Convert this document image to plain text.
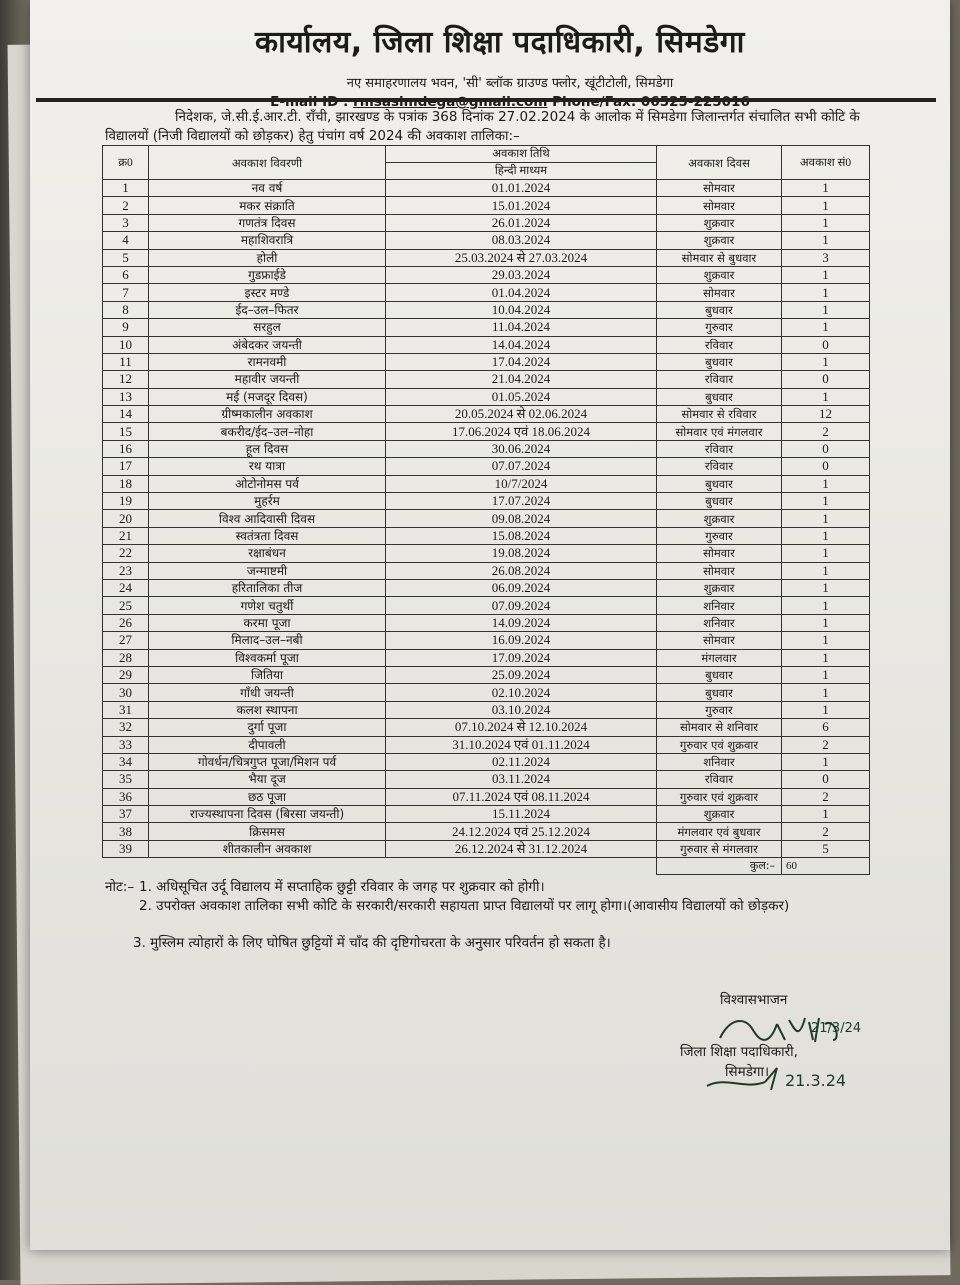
कार्यालय, जिला शिक्षा पदाधिकारी, सिमडेगा
नए समाहरणालय भवन, 'सी' ब्लॉक ग्राउण्ड फ्लोर, खूंटीटोली, सिमडेगा
E-mail ID : rmsasimdega@gmail.com Phone/Fax: 06525-225016
निदेशक, जे.सी.ई.आर.टी. राँची, झारखण्ड के पत्रांक 368 दिनांक 27.02.2024 के आलोक में सिमडेगा जिलान्तर्गत संचालित सभी कोटि के विद्यालयों (निजी विद्यालयों को छोड़कर) हेतु पंचांग वर्ष 2024 की अवकाश तालिका:–
क्र0	अवकाश विवरणी	अवकाश तिथि	अवकाश दिवस	अवकाश सं0
		हिन्दी माध्यम		
1	नव वर्ष	01.01.2024	सोमवार	1
2	मकर संक्राति	15.01.2024	सोमवार	1
3	गणतंत्र दिवस	26.01.2024	शुक्रवार	1
4	महाशिवरात्रि	08.03.2024	शुक्रवार	1
5	होली	25.03.2024 से 27.03.2024	सोमवार से बुधवार	3
6	गुडफ्राईडे	29.03.2024	शुक्रवार	1
7	इस्टर मण्डे	01.04.2024	सोमवार	1
8	ईद–उल–फितर	10.04.2024	बुधवार	1
9	सरहुल	11.04.2024	गुरुवार	1
10	अंबेदकर जयन्ती	14.04.2024	रविवार	0
11	रामनवमी	17.04.2024	बुधवार	1
12	महावीर जयन्ती	21.04.2024	रविवार	0
13	मई (मजदूर दिवस)	01.05.2024	बुधवार	1
14	ग्रीष्मकालीन अवकाश	20.05.2024 से 02.06.2024	सोमवार से रविवार	12
15	बकरीद/ईद–उल–नोहा	17.06.2024 एवं 18.06.2024	सोमवार एवं मंगलवार	2
16	हूल दिवस	30.06.2024	रविवार	0
17	रथ यात्रा	07.07.2024	रविवार	0
18	ओटोनोमस पर्व	10/7/2024	बुधवार	1
19	मुहर्रम	17.07.2024	बुधवार	1
20	विश्व आदिवासी दिवस	09.08.2024	शुक्रवार	1
21	स्वतंत्रता दिवस	15.08.2024	गुरुवार	1
22	रक्षाबंधन	19.08.2024	सोमवार	1
23	जन्माष्टमी	26.08.2024	सोमवार	1
24	हरितालिका तीज	06.09.2024	शुक्रवार	1
25	गणेश चतुर्थी	07.09.2024	शनिवार	1
26	करमा पूजा	14.09.2024	शनिवार	1
27	मिलाद–उल–नबी	16.09.2024	सोमवार	1
28	विश्वकर्मा पूजा	17.09.2024	मंगलवार	1
29	जितिया	25.09.2024	बुधवार	1
30	गाँधी जयन्ती	02.10.2024	बुधवार	1
31	कलश स्थापना	03.10.2024	गुरुवार	1
32	दुर्गा पूजा	07.10.2024 से 12.10.2024	सोमवार से शनिवार	6
33	दीपावली	31.10.2024 एवं 01.11.2024	गुरुवार एवं शुक्रवार	2
34	गोवर्धन/चित्रगुप्त पूजा/मिशन पर्व	02.11.2024	शनिवार	1
35	भैया दूज	03.11.2024	रविवार	0
36	छठ पूजा	07.11.2024 एवं 08.11.2024	गुरुवार एवं शुक्रवार	2
37	राज्यस्थापना दिवस (बिरसा जयन्ती)	15.11.2024	शुक्रवार	1
38	क्रिसमस	24.12.2024 एवं 25.12.2024	मंगलवार एवं बुधवार	2
39	शीतकालीन अवकाश	26.12.2024 से 31.12.2024	गुरुवार से मंगलवार	5
			कुल:–	60
नोट:– 1. अधिसूचित उर्दू विद्यालय में सप्ताहिक छुट्टी रविवार के जगह पर शुक्रवार को होगी।
2. उपरोक्त अवकाश तालिका सभी कोटि के सरकारी/सरकारी सहायता प्राप्त विद्यालयों पर लागू होगा।(आवासीय विद्यालयों को छोड़कर)
3. मुस्लिम त्योहारों के लिए घोषित छुट्टियों में चाँद की दृष्टिगोचरता के अनुसार परिवर्तन हो सकता है।
विश्वासभाजन
जिला शिक्षा पदाधिकारी,
सिमडेगा।
21/3/24
21.3.24
